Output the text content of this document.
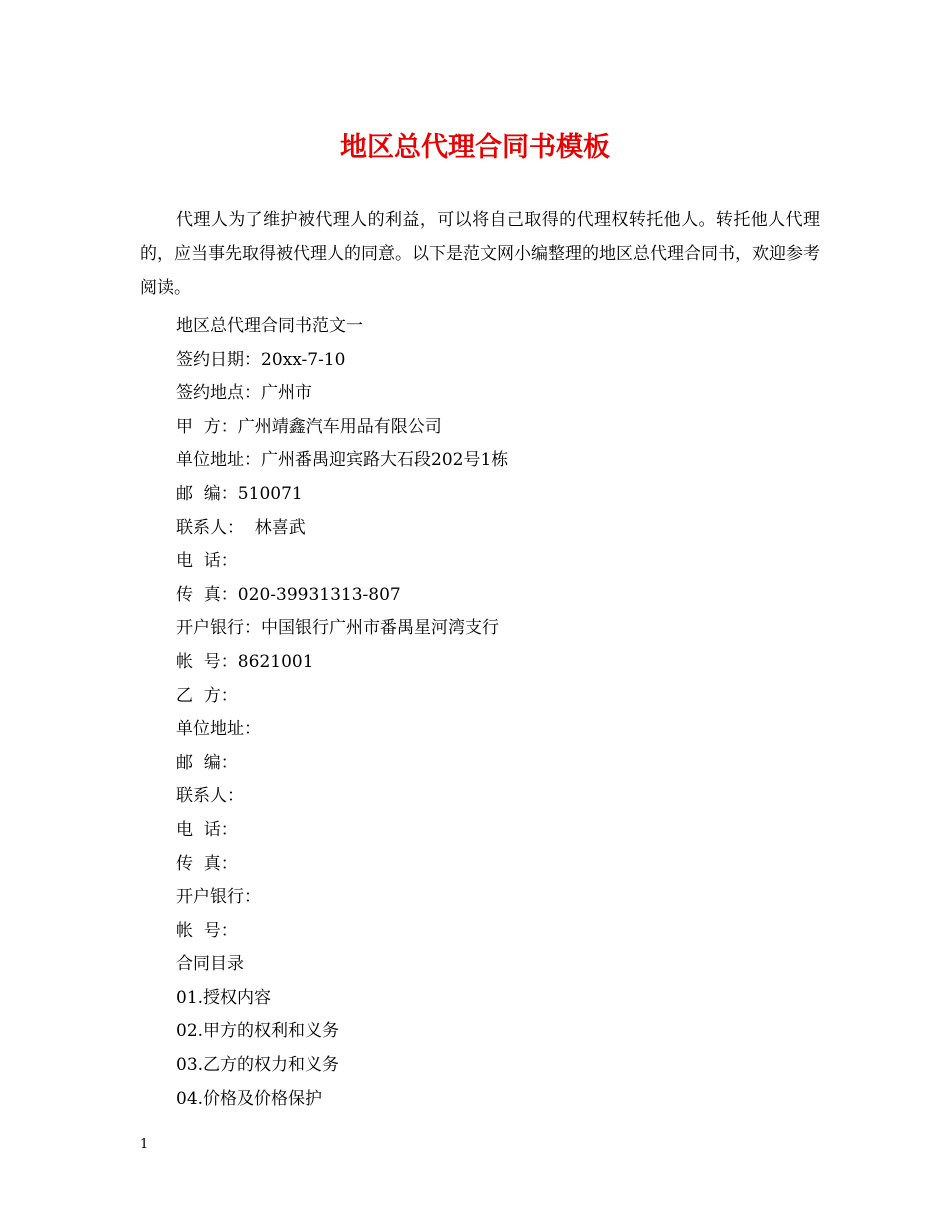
地区总代理合同书模板

代理人为了维护被代理人的利益，可以将自己取得的代理权转托他人。转托他人代理的，应当事先取得被代理人的同意。以下是范文网小编整理的地区总代理合同书，欢迎参考阅读。

地区总代理合同书范文一
签约日期：20xx-7-10
签约地点：广州市
甲  方：广州靖鑫汽车用品有限公司
单位地址：广州番禺迎宾路大石段202号1栋
邮  编：510071
联系人：  林喜武
电  话：
传  真：020-39931313-807
开户银行：中国银行广州市番禺星河湾支行
帐  号：8621001
乙  方：
单位地址：
邮  编：
联系人：
电  话：
传  真：
开户银行：
帐  号：
合同目录
01.授权内容
02.甲方的权利和义务
03.乙方的权力和义务
04.价格及价格保护
1
